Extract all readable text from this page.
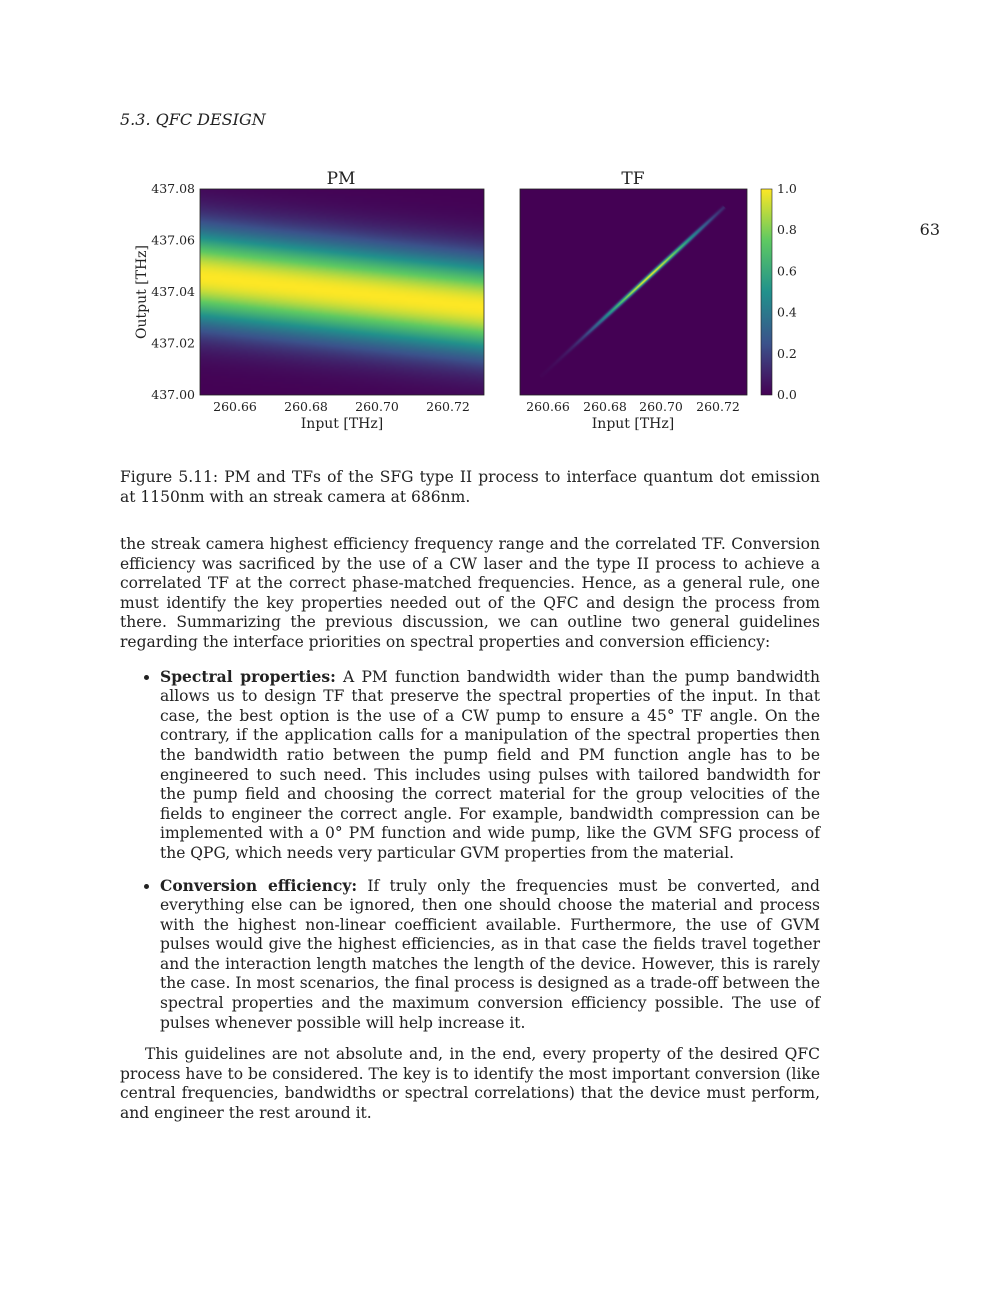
5.3. QFC DESIGN
63
PM
437.00
437.02
437.04
437.06
437.08
Output [THz]
260.66 260.68 260.70 260.72
Input [THz]
TF
260.66 260.68 260.70 260.72
Input [THz]
0.0
0.2
0.4
0.6
0.8
1.0
Figure 5.11: PM and TFs of the SFG type II process to interface quantum dot emission at 1150nm with an streak camera at 686nm.

the streak camera highest efficiency frequency range and the correlated TF. Conversion efficiency was sacrificed by the use of a CW laser and the type II process to achieve a correlated TF at the correct phase-matched frequencies. Hence, as a general rule, one must identify the key properties needed out of the QFC and design the process from there. Summarizing the previous discussion, we can outline two general guidelines regarding the interface priorities on spectral properties and conversion efficiency:

• Spectral properties: A PM function bandwidth wider than the pump bandwidth allows us to design TF that preserve the spectral properties of the input. In that case, the best option is the use of a CW pump to ensure a 45° TF angle. On the contrary, if the application calls for a manipulation of the spectral properties then the bandwidth ratio between the pump field and PM function angle has to be engineered to such need. This includes using pulses with tailored bandwidth for the pump field and choosing the correct material for the group velocities of the fields to engineer the correct angle. For example, bandwidth compression can be implemented with a 0° PM function and wide pump, like the GVM SFG process of the QPG, which needs very particular GVM properties from the material.
• Conversion efficiency: If truly only the frequencies must be converted, and everything else can be ignored, then one should choose the material and process with the highest non-linear coefficient available. Furthermore, the use of GVM pulses would give the highest efficiencies, as in that case the fields travel together and the interaction length matches the length of the device. However, this is rarely the case. In most scenarios, the final process is designed as a trade-off between the spectral properties and the maximum conversion efficiency possible. The use of pulses whenever possible will help increase it.

This guidelines are not absolute and, in the end, every property of the desired QFC process have to be considered. The key is to identify the most important conversion (like central frequencies, bandwidths or spectral correlations) that the device must perform, and engineer the rest around it.
